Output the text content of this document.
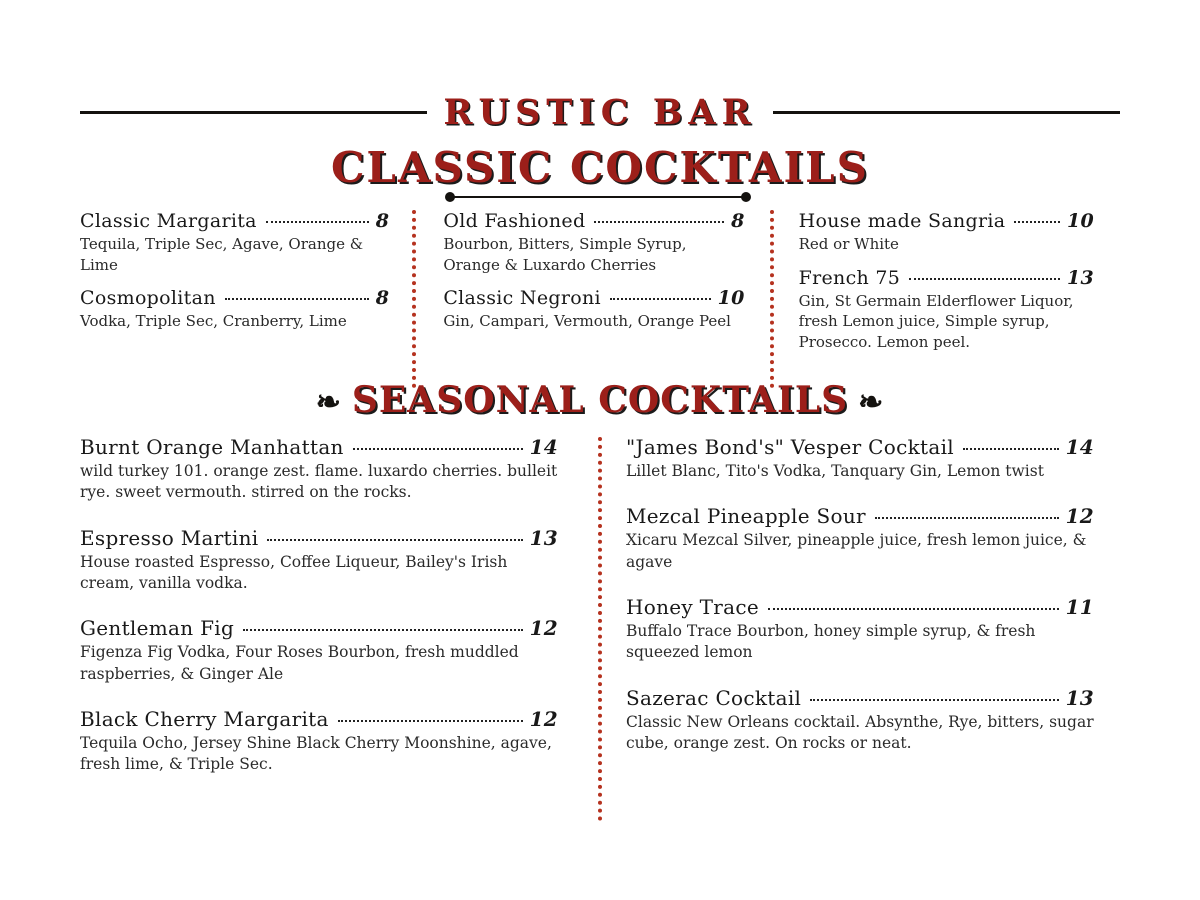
RUSTIC BAR
CLASSIC COCKTAILS
Classic Margarita	8
Tequila, Triple Sec, Agave, Orange & Lime
Cosmopolitan	8
Vodka, Triple Sec, Cranberry, Lime
Old Fashioned	8
Bourbon, Bitters, Simple Syrup, Orange & Luxardo Cherries
Classic Negroni	10
Gin, Campari, Vermouth, Orange Peel
House made Sangria	10
Red or White
French 75	13
Gin, St Germain Elderflower Liquor, fresh Lemon juice, Simple syrup, Prosecco. Lemon peel.
❧ SEASONAL COCKTAILS ❧
Burnt Orange Manhattan	14
wild turkey 101. orange zest. flame. luxardo cherries. bulleit rye. sweet vermouth. stirred on the rocks.
Espresso Martini	13
House roasted Espresso, Coffee Liqueur, Bailey's Irish cream, vanilla vodka.
Gentleman Fig	12
Figenza Fig Vodka, Four Roses Bourbon, fresh muddled raspberries, & Ginger Ale
Black Cherry Margarita	12
Tequila Ocho, Jersey Shine Black Cherry Moonshine, agave, fresh lime, & Triple Sec.
"James Bond's" Vesper Cocktail	14
Lillet Blanc, Tito's Vodka, Tanquary Gin, Lemon twist
Mezcal Pineapple Sour	12
Xicaru Mezcal Silver, pineapple juice, fresh lemon juice, & agave
Honey Trace	11
Buffalo Trace Bourbon, honey simple syrup, & fresh squeezed lemon
Sazerac Cocktail	13
Classic New Orleans cocktail. Absynthe, Rye, bitters, sugar cube, orange zest. On rocks or neat.
